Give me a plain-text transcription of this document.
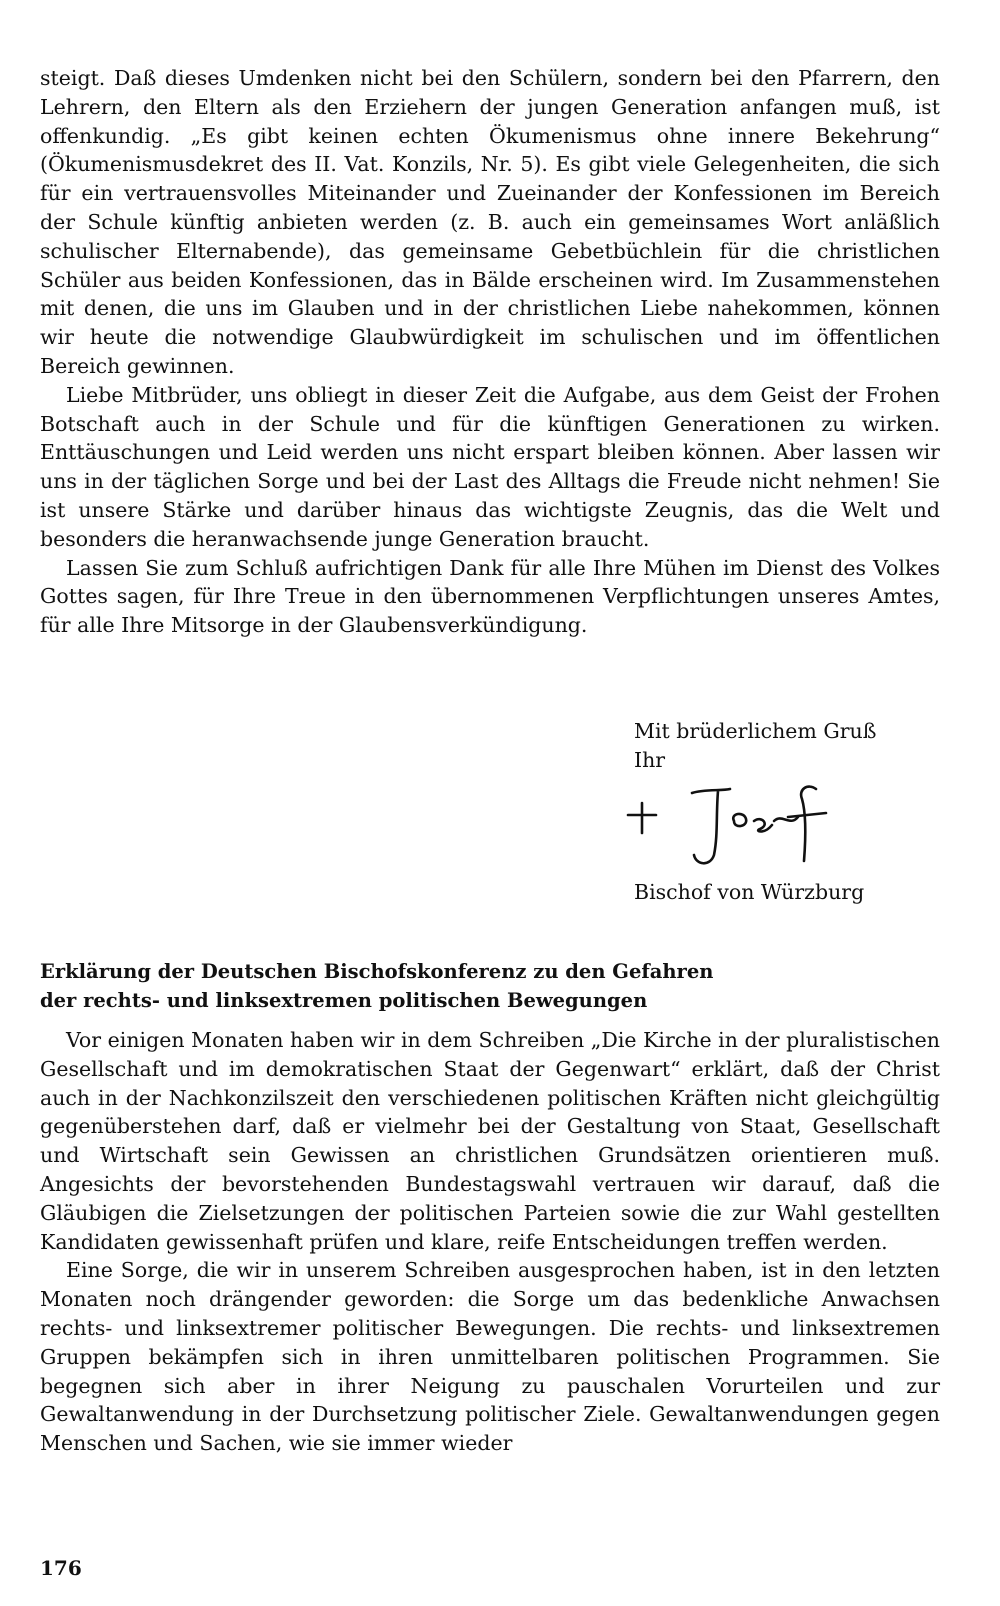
steigt. Daß dieses Umdenken nicht bei den Schülern, sondern bei den Pfarrern, den Lehrern, den Eltern als den Erziehern der jungen Generation anfangen muß, ist offenkundig. „Es gibt keinen echten Ökumenismus ohne innere Bekehrung“ (Ökumenismusdekret des II. Vat. Konzils, Nr. 5). Es gibt viele Gelegenheiten, die sich für ein vertrauensvolles Miteinander und Zueinander der Konfessionen im Bereich der Schule künftig anbieten werden (z. B. auch ein gemeinsames Wort anläßlich schulischer Elternabende), das gemeinsame Gebetbüchlein für die christlichen Schüler aus beiden Konfessionen, das in Bälde erscheinen wird. Im Zusammenstehen mit denen, die uns im Glauben und in der christlichen Liebe nahekommen, können wir heute die notwendige Glaubwürdigkeit im schulischen und im öffentlichen Bereich gewinnen.

Liebe Mitbrüder, uns obliegt in dieser Zeit die Aufgabe, aus dem Geist der Frohen Botschaft auch in der Schule und für die künftigen Generationen zu wirken. Enttäuschungen und Leid werden uns nicht erspart bleiben können. Aber lassen wir uns in der täglichen Sorge und bei der Last des Alltags die Freude nicht nehmen! Sie ist unsere Stärke und darüber hinaus das wichtigste Zeugnis, das die Welt und besonders die heranwachsende junge Generation braucht.

Lassen Sie zum Schluß aufrichtigen Dank für alle Ihre Mühen im Dienst des Volkes Gottes sagen, für Ihre Treue in den übernommenen Verpflichtungen unseres Amtes, für alle Ihre Mitsorge in der Glaubensverkündigung.

Mit brüderlichem Gruß
Ihr
Bischof von Würzburg
Erklärung der Deutschen Bischofskonferenz zu den Gefahren
der rechts- und linksextremen politischen Bewegungen

Vor einigen Monaten haben wir in dem Schreiben „Die Kirche in der pluralistischen Gesellschaft und im demokratischen Staat der Gegenwart“ erklärt, daß der Christ auch in der Nachkonzilszeit den verschiedenen politischen Kräften nicht gleichgültig gegenüberstehen darf, daß er vielmehr bei der Gestaltung von Staat, Gesellschaft und Wirtschaft sein Gewissen an christlichen Grundsätzen orientieren muß. Angesichts der bevorstehenden Bundestagswahl vertrauen wir darauf, daß die Gläubigen die Zielsetzungen der politischen Parteien sowie die zur Wahl gestellten Kandidaten gewissenhaft prüfen und klare, reife Entscheidungen treffen werden.

Eine Sorge, die wir in unserem Schreiben ausgesprochen haben, ist in den letzten Monaten noch drängender geworden: die Sorge um das bedenkliche Anwachsen rechts- und linksextremer politischer Bewegungen. Die rechts- und linksextremen Gruppen bekämpfen sich in ihren unmittelbaren politischen Programmen. Sie begegnen sich aber in ihrer Neigung zu pauschalen Vorurteilen und zur Gewaltanwendung in der Durchsetzung politischer Ziele. Gewaltanwendungen gegen Menschen und Sachen, wie sie immer wieder

176
